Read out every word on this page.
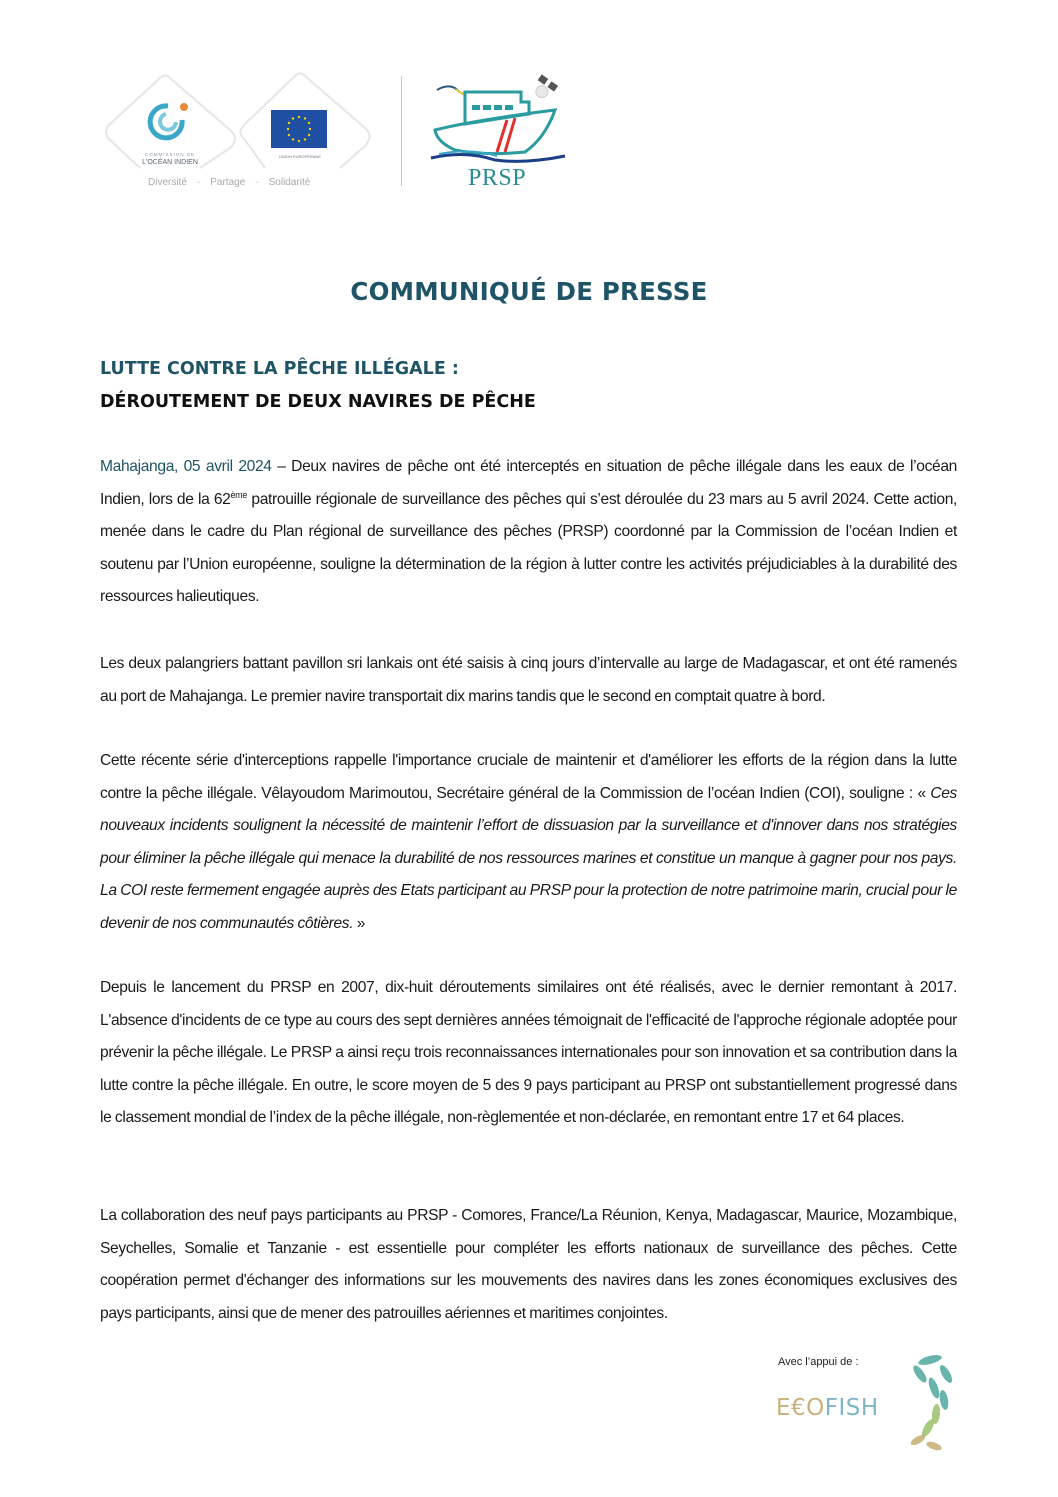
COMMISSION DE
L'OCÉAN INDIEN
UNION EUROPÉENNE
Diversité - Partage - Solidarité	PRSP
COMMUNIQUÉ DE PRESSE
LUTTE CONTRE LA PÊCHE ILLÉGALE :
DÉROUTEMENT DE DEUX NAVIRES DE PÊCHE
Mahajanga, 05 avril 2024 – Deux navires de pêche ont été interceptés en situation de pêche illégale dans les eaux de l’océan Indien, lors de la 62ème patrouille régionale de surveillance des pêches qui s’est déroulée du 23 mars au 5 avril 2024. Cette action, menée dans le cadre du Plan régional de surveillance des pêches (PRSP) coordonné par la Commission de l’océan Indien et soutenu par l’Union européenne, souligne la détermination de la région à lutter contre les activités préjudiciables à la durabilité des ressources halieutiques.
Les deux palangriers battant pavillon sri lankais ont été saisis à cinq jours d’intervalle au large de Madagascar, et ont été ramenés au port de Mahajanga. Le premier navire transportait dix marins tandis que le second en comptait quatre à bord.
Cette récente série d'interceptions rappelle l'importance cruciale de maintenir et d'améliorer les efforts de la région dans la lutte contre la pêche illégale. Vêlayoudom Marimoutou, Secrétaire général de la Commission de l’océan Indien (COI), souligne : « Ces nouveaux incidents soulignent la nécessité de maintenir l’effort de dissuasion par la surveillance et d'innover dans nos stratégies pour éliminer la pêche illégale qui menace la durabilité de nos ressources marines et constitue un manque à gagner pour nos pays. La COI reste fermement engagée auprès des Etats participant au PRSP pour la protection de notre patrimoine marin, crucial pour le devenir de nos communautés côtières. »
Depuis le lancement du PRSP en 2007, dix-huit déroutements similaires ont été réalisés, avec le dernier remontant à 2017. L'absence d'incidents de ce type au cours des sept dernières années témoignait de l'efficacité de l'approche régionale adoptée pour prévenir la pêche illégale. Le PRSP a ainsi reçu trois reconnaissances internationales pour son innovation et sa contribution dans la lutte contre la pêche illégale. En outre, le score moyen de 5 des 9 pays participant au PRSP ont substantiellement progressé dans le classement mondial de l’index de la pêche illégale, non-règlementée et non-déclarée, en remontant entre 17 et 64 places.
La collaboration des neuf pays participants au PRSP - Comores, France/La Réunion, Kenya, Madagascar, Maurice, Mozambique, Seychelles, Somalie et Tanzanie - est essentielle pour compléter les efforts nationaux de surveillance des pêches. Cette coopération permet d'échanger des informations sur les mouvements des navires dans les zones économiques exclusives des pays participants, ainsi que de mener des patrouilles aériennes et maritimes conjointes.
Avec l’appui de :
E€OFISH
